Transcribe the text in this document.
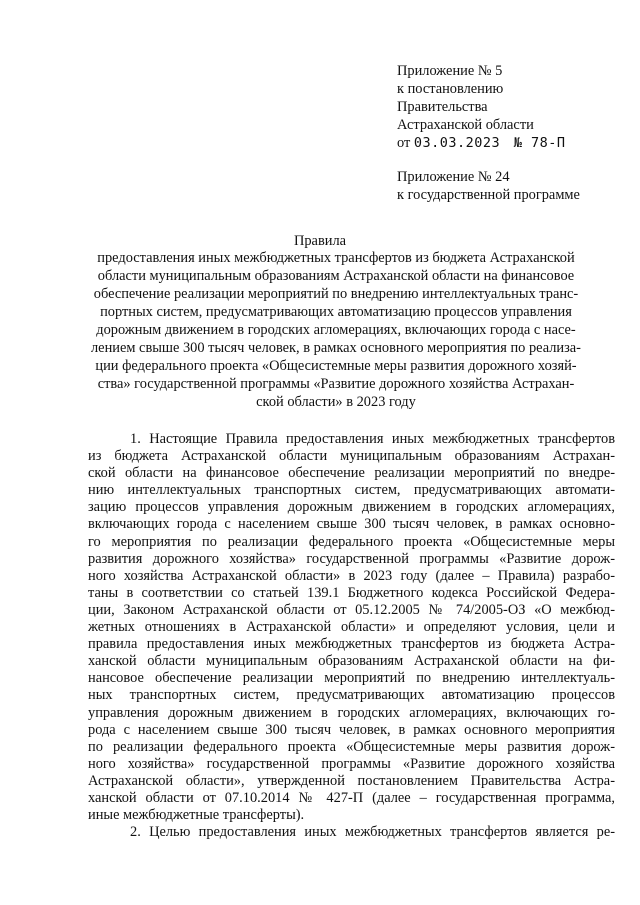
Приложение № 5
к постановлению
Правительства
Астраханской области
от 03.03.2023 № 78-П
Приложение № 24
к государственной программе
Правила
предоставления иных межбюджетных трансфертов из бюджета Астраханской
области муниципальным образованиям Астраханской области на финансовое
обеспечение реализации мероприятий по внедрению интеллектуальных транс-
портных систем, предусматривающих автоматизацию процессов управления
дорожным движением в городских агломерациях, включающих города с насе-
лением свыше 300 тысяч человек, в рамках основного мероприятия по реализа-
ции федерального проекта «Общесистемные меры развития дорожного хозяй-
ства» государственной программы «Развитие дорожного хозяйства Астрахан-
ской области» в 2023 году
1. Настоящие Правила предоставления иных межбюджетных трансфертов
из бюджета Астраханской области муниципальным образованиям Астрахан-
ской области на финансовое обеспечение реализации мероприятий по внедре-
нию интеллектуальных транспортных систем, предусматривающих автомати-
зацию процессов управления дорожным движением в городских агломерациях,
включающих города с населением свыше 300 тысяч человек, в рамках основно-
го мероприятия по реализации федерального проекта «Общесистемные меры
развития дорожного хозяйства» государственной программы «Развитие дорож-
ного хозяйства Астраханской области» в 2023 году (далее – Правила) разрабо-
таны в соответствии со статьей 139.1 Бюджетного кодекса Российской Федера-
ции, Законом Астраханской области от 05.12.2005 № 74/2005-ОЗ «О межбюд-
жетных отношениях в Астраханской области» и определяют условия, цели и
правила предоставления иных межбюджетных трансфертов из бюджета Астра-
ханской области муниципальным образованиям Астраханской области на фи-
нансовое обеспечение реализации мероприятий по внедрению интеллектуаль-
ных транспортных систем, предусматривающих автоматизацию процессов
управления дорожным движением в городских агломерациях, включающих го-
рода с населением свыше 300 тысяч человек, в рамках основного мероприятия
по реализации федерального проекта «Общесистемные меры развития дорож-
ного хозяйства» государственной программы «Развитие дорожного хозяйства
Астраханской области», утвержденной постановлением Правительства Астра-
ханской области от 07.10.2014 № 427-П (далее – государственная программа,
иные межбюджетные трансферты).
2. Целью предоставления иных межбюджетных трансфертов является ре-
